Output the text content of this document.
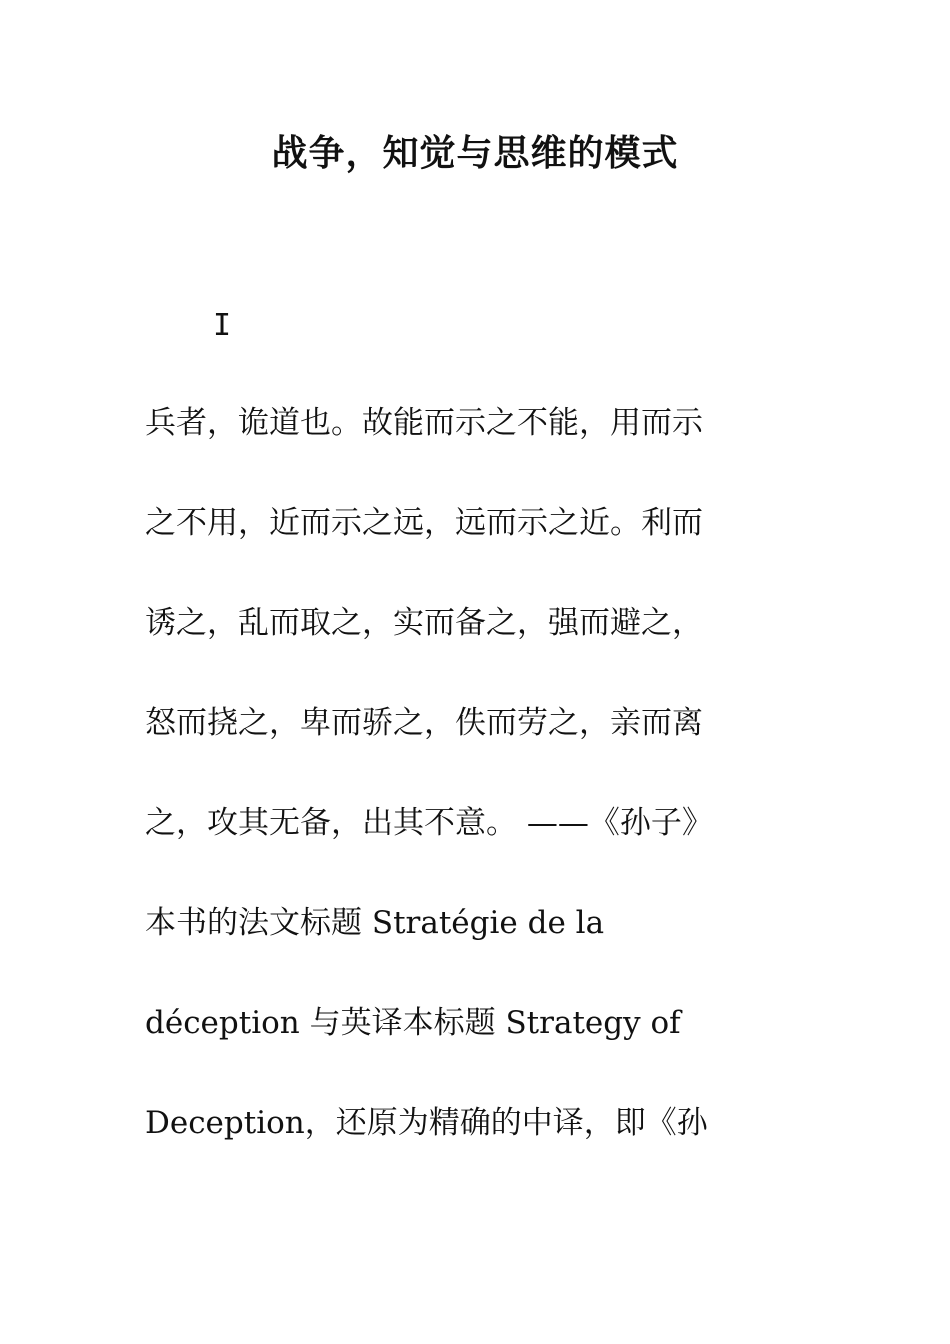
战争，知觉与思维的模式
I
兵者，诡道也。故能而示之不能，用而示
之不用，近而示之远，远而示之近。利而
诱之，乱而取之，实而备之，强而避之，
怒而挠之，卑而骄之，佚而劳之，亲而离
之，攻其无备，出其不意。 ——《孙子》
本书的法文标题 Stratégie de la
déception 与英译本标题 Strategy of
Deception，还原为精确的中译，即《孙
